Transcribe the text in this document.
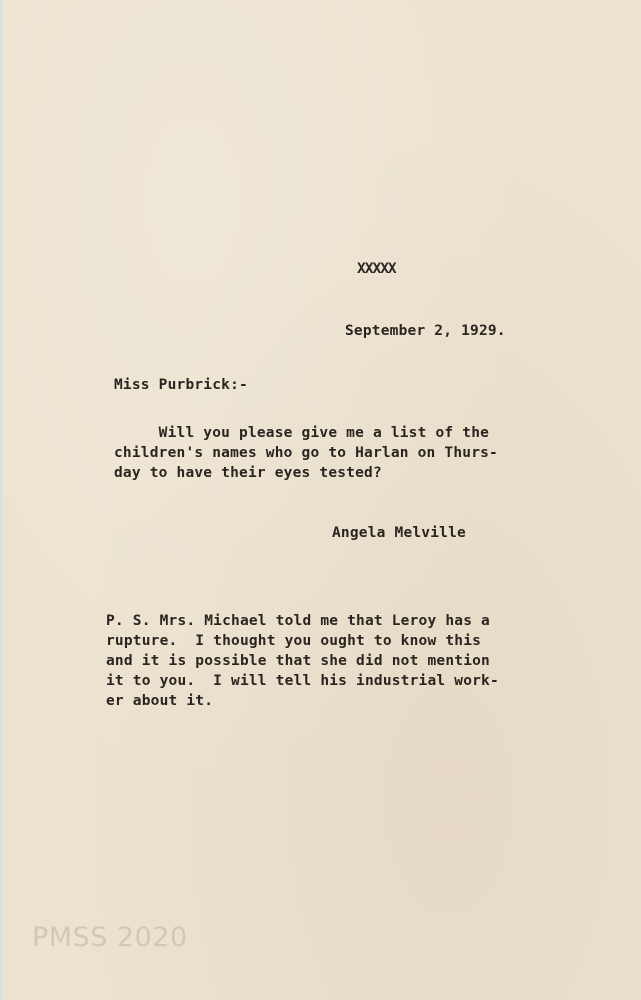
XXXXX
September 2, 1929.
Miss Purbrick:-
Will you please give me a list of the
children's names who go to Harlan on Thurs-
day to have their eyes tested?
Angela Melville
P. S. Mrs. Michael told me that Leroy has a
rupture.  I thought you ought to know this
and it is possible that she did not mention
it to you.  I will tell his industrial work-
er about it.
PMSS 2020
